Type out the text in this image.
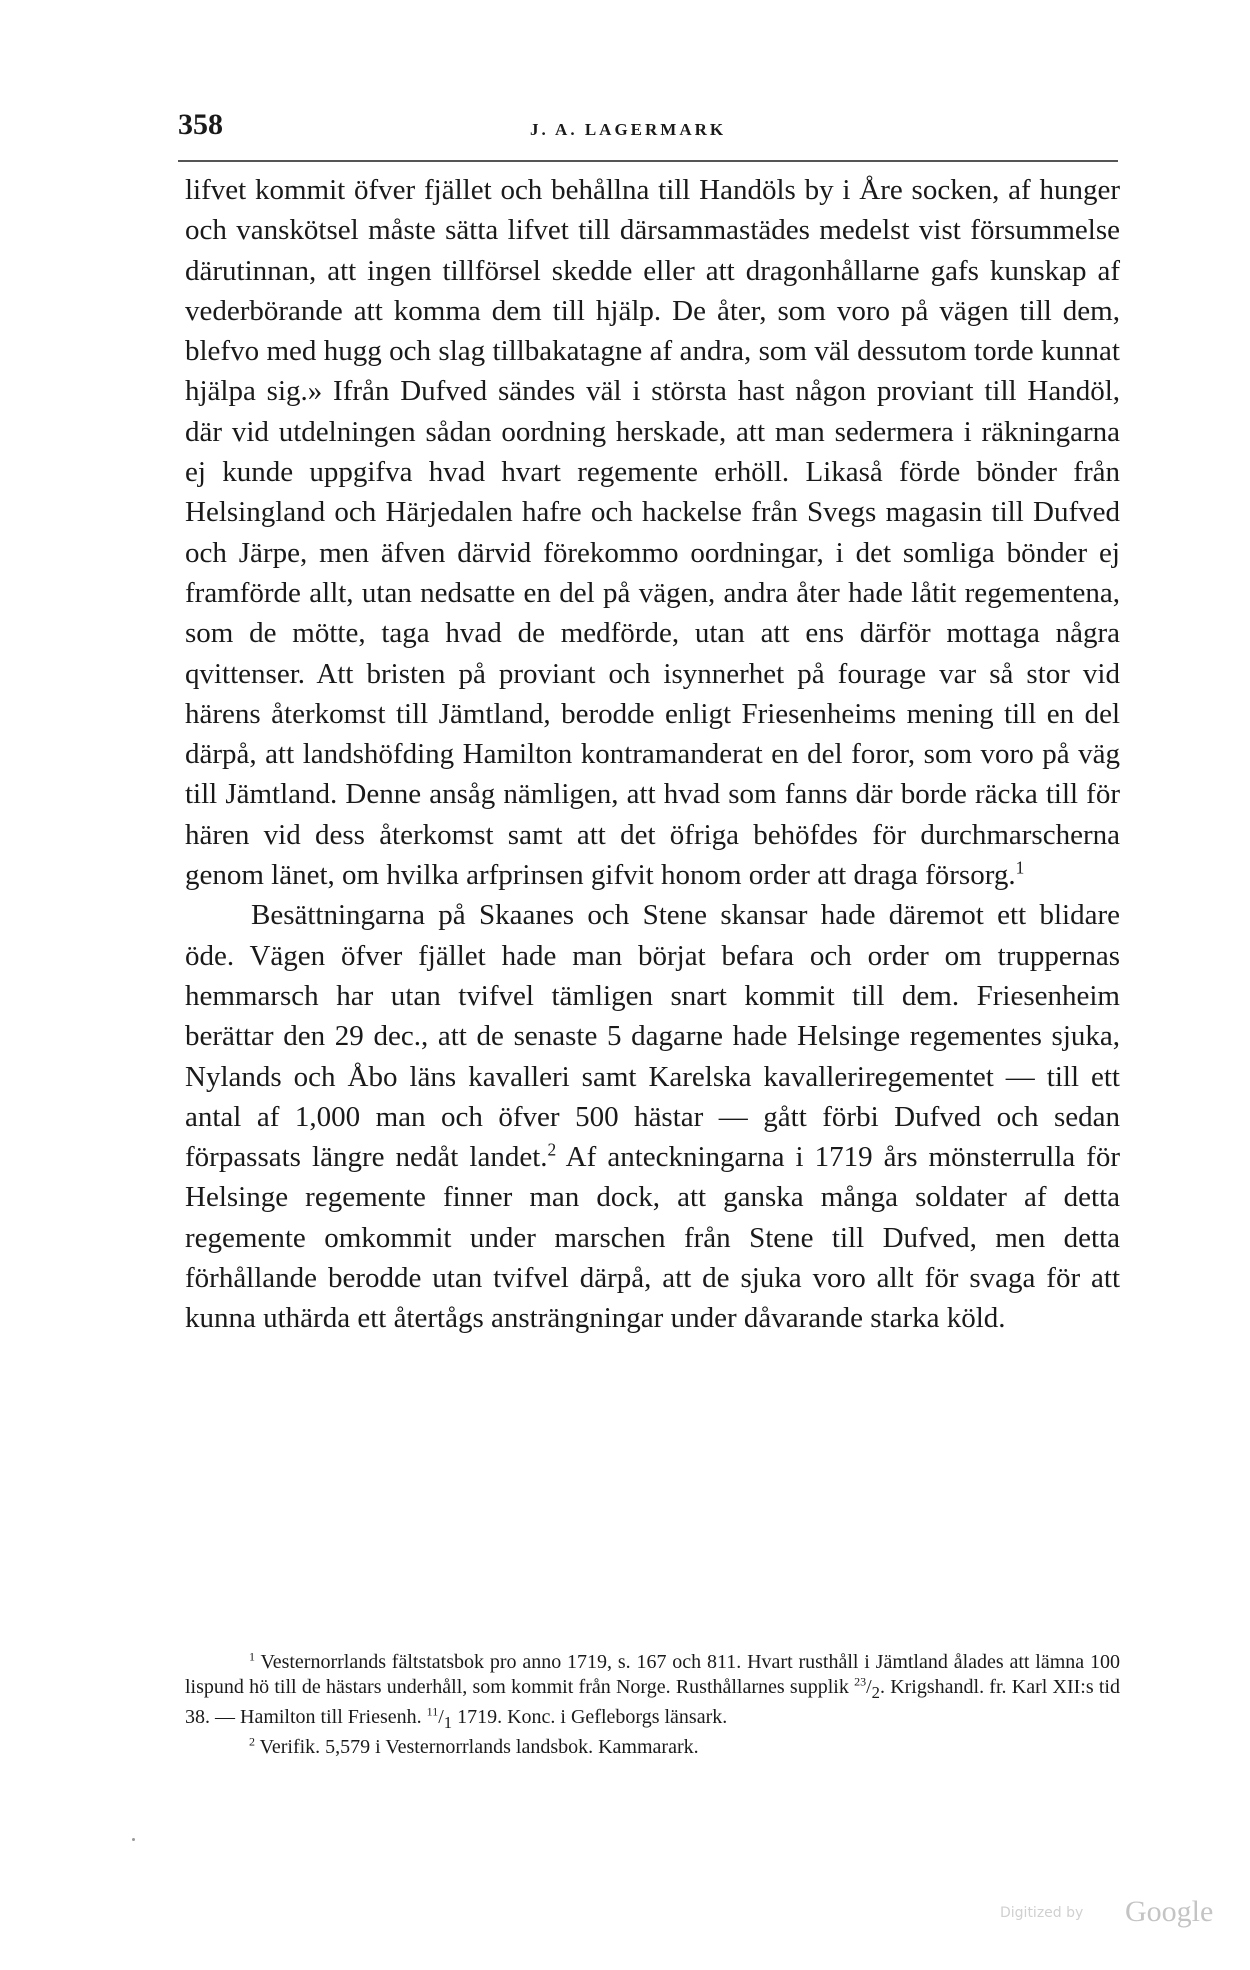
358	J. A. LAGERMARK

lifvet kommit öfver fjället och behållna till Handöls by i Åre socken, af hunger och vanskötsel måste sätta lifvet till därsammastädes medelst vist försummelse därutinnan, att ingen tillförsel skedde eller att dragonhållarne gafs kunskap af vederbörande att komma dem till hjälp. De åter, som voro på vägen till dem, blefvo med hugg och slag tillbakatagne af andra, som väl dessutom torde kunnat hjälpa sig.» Ifrån Dufved sändes väl i största hast någon proviant till Handöl, där vid utdelningen sådan oordning herskade, att man sedermera i räkningarna ej kunde uppgifva hvad hvart regemente erhöll. Likaså förde bönder från Helsingland och Härjedalen hafre och hackelse från Svegs magasin till Dufved och Järpe, men äfven därvid förekommo oordningar, i det somliga bönder ej framförde allt, utan nedsatte en del på vägen, andra åter hade låtit regementena, som de mötte, taga hvad de medförde, utan att ens därför mottaga några qvittenser. Att bristen på proviant och isynnerhet på fourage var så stor vid härens återkomst till Jämtland, berodde enligt Friesenheims mening till en del därpå, att landshöfding Hamilton kontramanderat en del foror, som voro på väg till Jämtland. Denne ansåg nämligen, att hvad som fanns där borde räcka till för hären vid dess återkomst samt att det öfriga behöfdes för durchmarscherna genom länet, om hvilka arfprinsen gifvit honom order att draga försorg.$^1$

Besättningarna på Skaanes och Stene skansar hade däremot ett blidare öde. Vägen öfver fjället hade man börjat befara och order om truppernas hemmarsch har utan tvifvel tämligen snart kommit till dem. Friesenheim berättar den 29 dec., att de senaste 5 dagarne hade Helsinge regementes sjuka, Nylands och Åbo läns kavalleri samt Karelska kavalleriregementet — till ett antal af 1,000 man och öfver 500 hästar — gått förbi Dufved och sedan förpassats längre nedåt landet.$^2$ Af anteckningarna i 1719 års mönsterrulla för Helsinge regemente finner man dock, att ganska många soldater af detta regemente omkommit under marschen från Stene till Dufved, men detta förhållande berodde utan tvifvel därpå, att de sjuka voro allt för svaga för att kunna uthärda ett återtågs ansträngningar under dåvarande starka köld.

$^1$ Vesternorrlands fältstatsbok pro anno 1719, s. 167 och 811. Hvart rusthåll i Jämtland ålades att lämna 100 lispund hö till de hästars underhåll, som kommit från Norge. Rusthållarnes supplik $^{23}/_2$. Krigshandl. fr. Karl XII:s tid 38. — Hamilton till Friesenh. $^{11}/_1$ 1719. Konc. i Gefleborgs länsark.

$^2$ Verifik. 5,579 i Vesternorrlands landsbok. Kammarark.

Digitized by Google
